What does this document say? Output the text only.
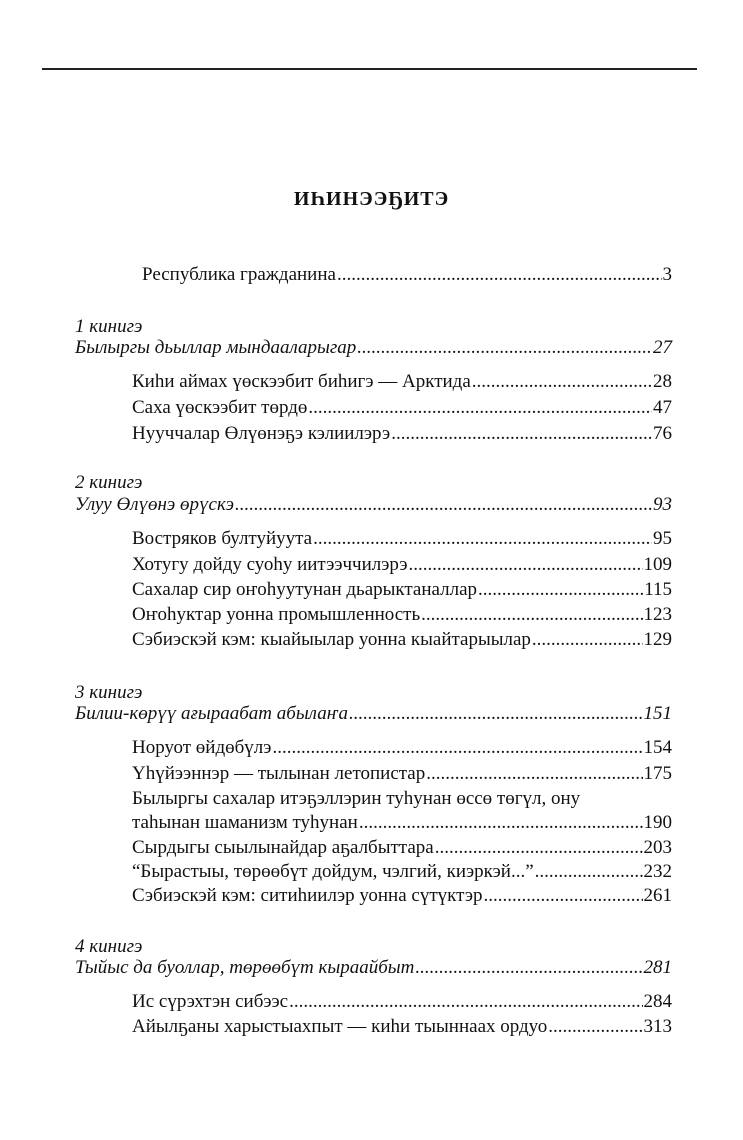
ИҺИНЭЭҔИТЭ
Республика гражданина .....	3
1 кинигэ
Былыргы дьыллар мындааларыгар .....	27
Киһи аймах үөскээбит биһигэ — Арктида .....	28
Саха үөскээбит төрдө .....	47
Нууччалар Өлүөнэҕэ кэлиилэрэ .....	76
2 кинигэ
Улуу Өлүөнэ өрүскэ .....	93
Востряков бултуйуута .....	95
Хотугу дойду суоһу иитээччилэрэ .....	109
Сахалар сир оҥоһуутунан дьарыктаналлар .....	115
Оҥоһуктар уонна промышленность .....	123
Сэбиэскэй кэм: кыайыылар уонна кыайтарыылар .....	129
3 кинигэ
Билии-көрүү ағыраабат абылаҥа .....	151
Норуот өйдөбүлэ .....	154
Үһүйээннэр — тылынан летопистар .....	175
Былыргы сахалар итэҕэллэрин туһунан өссө төгүл, ону
таһынан шаманизм туһунан .....	190
Сырдыгы сыылынайдар аҕалбыттара .....	203
“Бырастыы, төрөөбүт дойдум, чэлгий, киэркэй...” .....	232
Сэбиэскэй кэм: ситиһиилэр уонна сүтүктэр .....	261
4 кинигэ
Тыйыс да буоллар, төрөөбүт кыраайбыт .....	281
Ис сүрэхтэн сибээс .....	284
Айылҕаны харыстыахпыт — киһи тыыннаах ордуо .....	313
